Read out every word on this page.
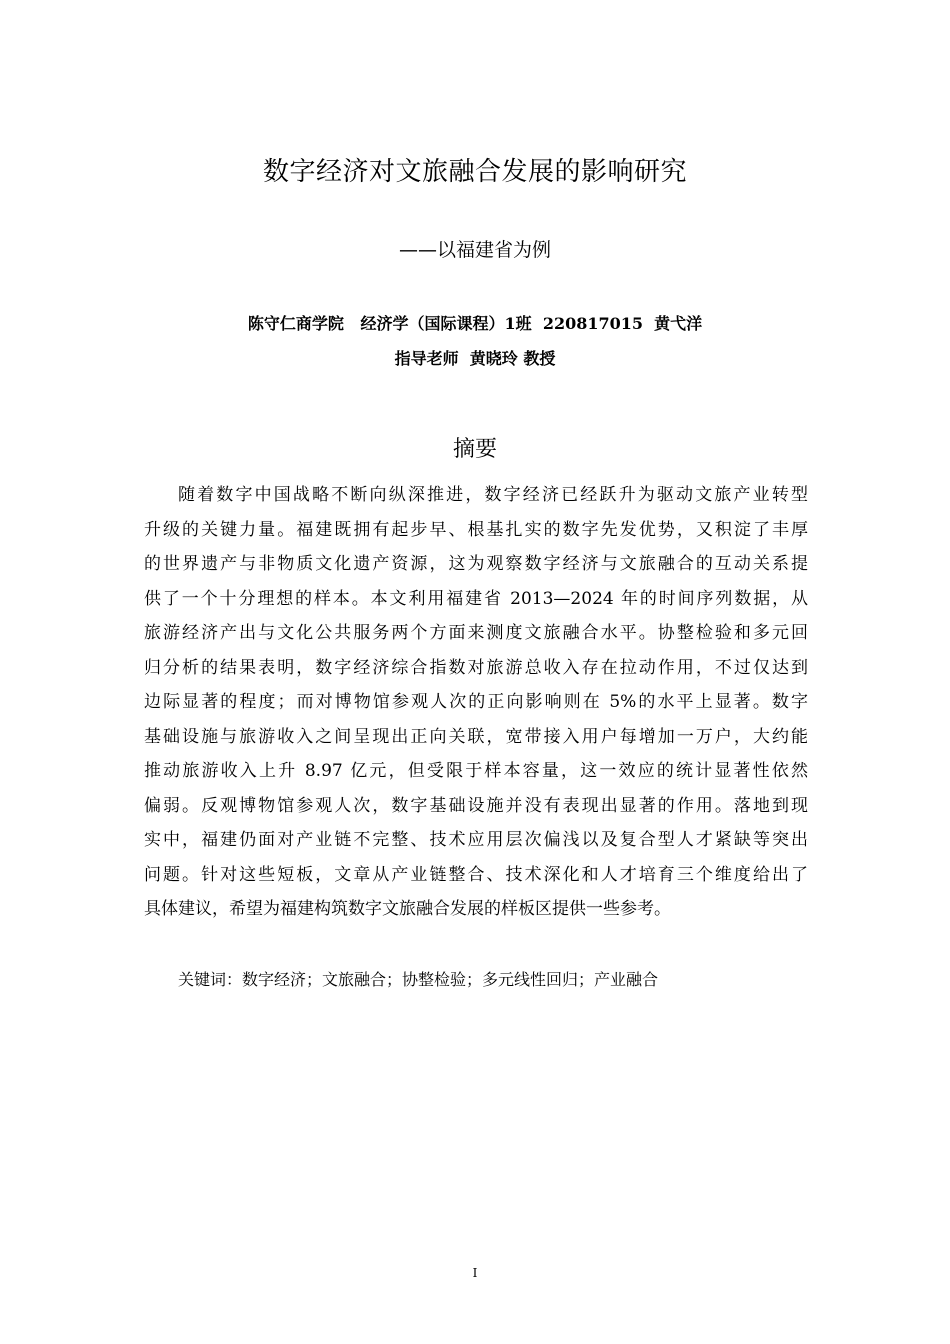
数字经济对文旅融合发展的影响研究
——以福建省为例
陈守仁商学院   经济学（国际课程）1班  220817015  黄弋洋
指导老师  黄晓玲 教授
摘要
随着数字中国战略不断向纵深推进，数字经济已经跃升为驱动文旅产业转型
升级的关键力量。福建既拥有起步早、根基扎实的数字先发优势，又积淀了丰厚
的世界遗产与非物质文化遗产资源，这为观察数字经济与文旅融合的互动关系提
供了一个十分理想的样本。本文利用福建省 2013—2024 年的时间序列数据，从
旅游经济产出与文化公共服务两个方面来测度文旅融合水平。协整检验和多元回
归分析的结果表明，数字经济综合指数对旅游总收入存在拉动作用，不过仅达到
边际显著的程度；而对博物馆参观人次的正向影响则在 5%的水平上显著。数字
基础设施与旅游收入之间呈现出正向关联，宽带接入用户每增加一万户，大约能
推动旅游收入上升 8.97 亿元，但受限于样本容量，这一效应的统计显著性依然
偏弱。反观博物馆参观人次，数字基础设施并没有表现出显著的作用。落地到现
实中，福建仍面对产业链不完整、技术应用层次偏浅以及复合型人才紧缺等突出
问题。针对这些短板，文章从产业链整合、技术深化和人才培育三个维度给出了
具体建议，希望为福建构筑数字文旅融合发展的样板区提供一些参考。
关键词：数字经济；文旅融合；协整检验；多元线性回归；产业融合
I
